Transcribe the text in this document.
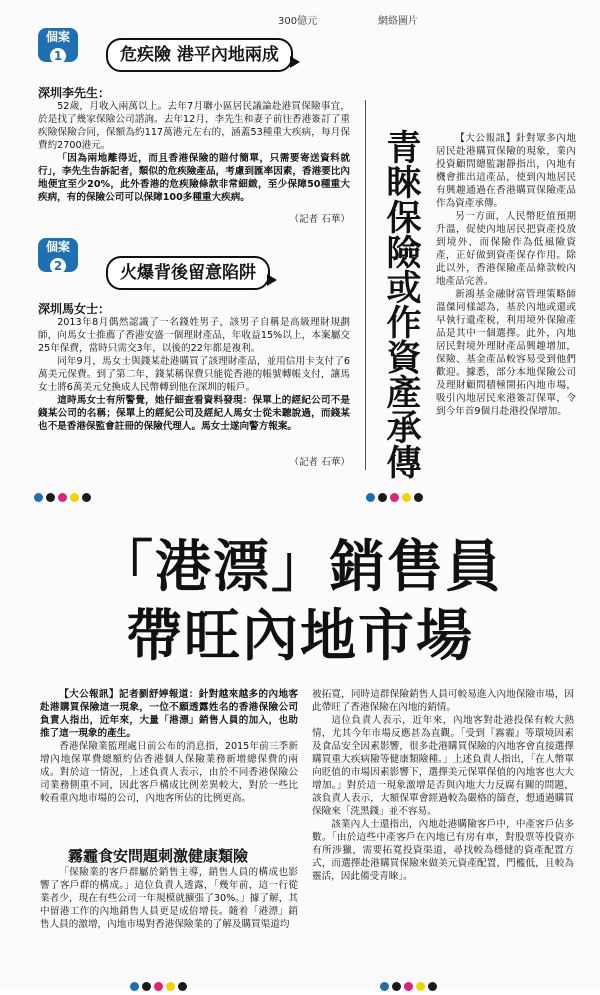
300億元	網絡圖片
個案
1	危疾險 港平內地兩成
深圳李先生：

52歲，月收入兩萬以上。去年7月聯小區居民議論赴港買保險事宜，於是找了幾家保險公司諮詢。去年12月，李先生和妻子前往香港簽訂了重疾險保險合同，保額為約117萬港元左右的，涵蓋53種重大疾病，每月保費約2700港元。

「因為兩地離得近，而且香港保險的賠付簡單，只需要寄送資料就行」，李先生告訴記者，類似的危疾險產品，考慮到匯率因素，香港要比內地便宜至少20%，此外香港的危疾險條款非常細緻，至少保障50種重大疾病，有的保險公司可以保障100多種重大疾病。

（記者 石華）
個案
2	火爆背後留意陷阱
深圳馬女士：

2013年8月偶然認識了一名錢姓男子，該男子自稱是高級理財規劃師，向馬女士推薦了香港安盛一個理財產品，年收益15%以上，本案屬交25年保費，當時只需交3年，以後的22年都是複利。

同年9月，馬女士與錢某赴港購買了該理財產品，並用信用卡支付了6萬美元保費。到了第二年，錢某稱保費只能從香港的帳號轉帳支付，讓馬女士將6萬美元兌換成人民幣轉到他在深圳的帳戶。

這時馬女士有所警覺，她仔細查看資料發現：保單上的經紀公司不是錢某公司的名稱；保單上的經紀公司及經紀人馬女士從未聽說過，而錢某也不是香港保監會註冊的保險代理人。馬女士遂向警方報案。

（記者 石華）
青睞保險或作資產承傳

【大公報訊】針對眾多內地居民赴港購買保險的現象，業內投資顧問總監謝靜指出，內地有機會推出這產品，使到內地居民有興趣通過在香港購買保險產品作為資產承傳。

另一方面，人民幣貶值預期升溫，促使內地居民把資產投放到境外，而保險作為低風險資產，正好做到資產保存作用。除此以外，香港保險產品條款較內地產品完善。

新鴻基金融財富管理策略師溫傑同樣認為，基於內地或還或早執行遺產稅，利用境外保險產品是其中一個選擇。此外，內地居民對境外理財產品興趣增加，保險、基金產品較容易受到他們歡迎。據悉，部分本地保險公司及理財顧問積極開拓內地市場，吸引內地居民來港簽訂保單，令到今年首9個月赴港投保增加。

「港漂」銷售員
帶旺內地市場

【大公報訊】記者劉舒婷報道：針對越來越多的內地客赴港購買保險這一現象，一位不願透露姓名的香港保險公司負責人指出，近年來，大量「港漂」銷售人員的加入，也助推了這一現象的產生。

香港保險業監理處日前公布的消息指，2015年前三季新增內地保單費總額約佔香港個人保險業務新增總保費的兩成。對於這一情況，上述負責人表示，由於不同香港保險公司業務側重不同，因此客戶構成比例差異較大，對於一些比較看重內地市場的公司，內地客所佔的比例更高。

霧霾食安問題刺激健康類險

「保險業的客戶群屬於銷售主導，銷售人員的構成也影響了客戶群的構成。」這位負責人透露，「幾年前，這一行從業者少，現在有些公司一年規模就擴張了30%。」據了解，其中留港工作的內地銷售人員更是成倍增長。隨着「港漂」銷售人員的激增，內地市場對香港保險業的了解及購買渠道均

被拓寬，同時這群保險銷售人員可較易進入內地保險市場，因此帶旺了香港保險在內地的銷情。

這位負責人表示，近年來，內地客對赴港投保有較大熱情，尤其今年市場反應甚為直觀。「受到『霧霾』等環境因素及食品安全因素影響，很多赴港購買保險的內地客會直接選擇購買重大疾病險等健康類險種。」上述負責人指出，「在人幣單向貶值的市場因素影響下，選擇美元保單保值的內地客也大大增加。」對於這一現象激增是否與內地大力反腐有關的問題，該負責人表示，大額保單會經過較為嚴格的篩查，想通過購買保險來「洗黑錢」並不容易。

該業內人士還指出，內地赴港購險客戶中，中產客戶佔多數。「由於這些中產客戶在內地已有房有車，對股票等投資亦有所涉獵，需要拓寬投資渠道，尋找較為穩健的資產配置方式，而選擇赴港購買保險來做美元資產配置，門檻低，且較為靈活，因此備受青睞」。
